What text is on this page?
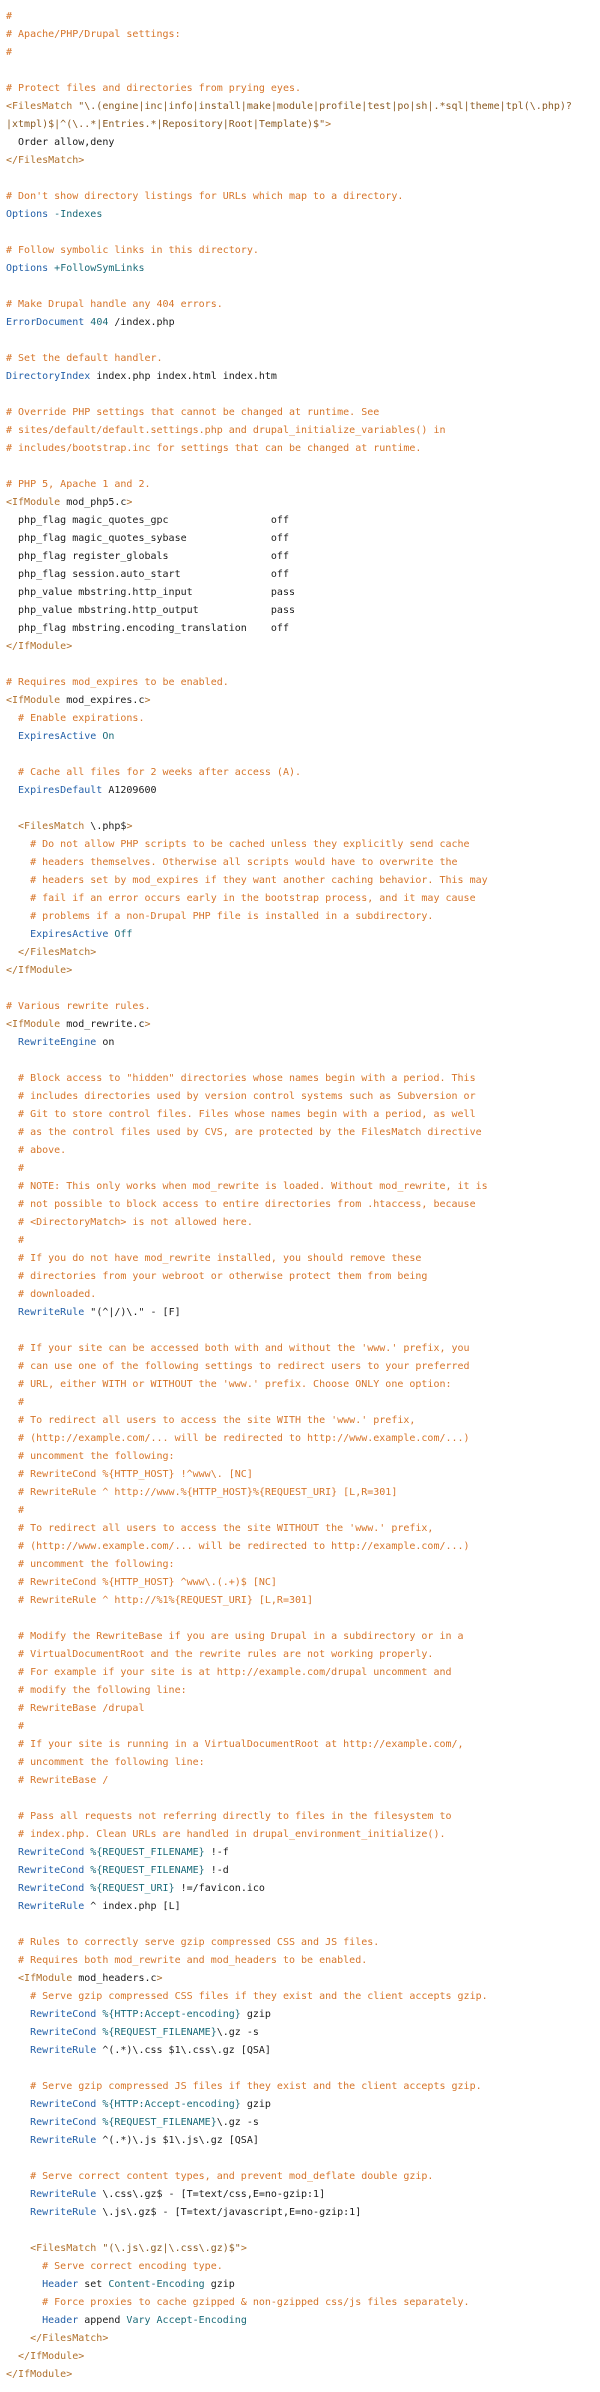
#
# Apache/PHP/Drupal settings:
#
# Protect files and directories from prying eyes.
<FilesMatch "\.(engine|inc|info|install|make|module|profile|test|po|sh|.*sql|theme|tpl(\.php)?
|xtmpl)$|^(\..*|Entries.*|Repository|Root|Template)$">
Order allow,deny
</FilesMatch>
# Don't show directory listings for URLs which map to a directory.
Options -Indexes
# Follow symbolic links in this directory.
Options +FollowSymLinks
# Make Drupal handle any 404 errors.
ErrorDocument 404 /index.php
# Set the default handler.
DirectoryIndex index.php index.html index.htm
# Override PHP settings that cannot be changed at runtime. See
# sites/default/default.settings.php and drupal_initialize_variables() in
# includes/bootstrap.inc for settings that can be changed at runtime.
# PHP 5, Apache 1 and 2.
<IfModule mod_php5.c>
php_flag magic_quotes_gpc                 off
php_flag magic_quotes_sybase              off
php_flag register_globals                 off
php_flag session.auto_start               off
php_value mbstring.http_input             pass
php_value mbstring.http_output            pass
php_flag mbstring.encoding_translation    off
</IfModule>
# Requires mod_expires to be enabled.
<IfModule mod_expires.c>
# Enable expirations.
ExpiresActive On
# Cache all files for 2 weeks after access (A).
ExpiresDefault A1209600
<FilesMatch \.php$>
# Do not allow PHP scripts to be cached unless they explicitly send cache
# headers themselves. Otherwise all scripts would have to overwrite the
# headers set by mod_expires if they want another caching behavior. This may
# fail if an error occurs early in the bootstrap process, and it may cause
# problems if a non-Drupal PHP file is installed in a subdirectory.
ExpiresActive Off
</FilesMatch>
</IfModule>
# Various rewrite rules.
<IfModule mod_rewrite.c>
RewriteEngine on
# Block access to "hidden" directories whose names begin with a period. This
# includes directories used by version control systems such as Subversion or
# Git to store control files. Files whose names begin with a period, as well
# as the control files used by CVS, are protected by the FilesMatch directive
# above.
#
# NOTE: This only works when mod_rewrite is loaded. Without mod_rewrite, it is
# not possible to block access to entire directories from .htaccess, because
# <DirectoryMatch> is not allowed here.
#
# If you do not have mod_rewrite installed, you should remove these
# directories from your webroot or otherwise protect them from being
# downloaded.
RewriteRule "(^|/)\." - [F]
# If your site can be accessed both with and without the 'www.' prefix, you
# can use one of the following settings to redirect users to your preferred
# URL, either WITH or WITHOUT the 'www.' prefix. Choose ONLY one option:
#
# To redirect all users to access the site WITH the 'www.' prefix,
# (http://example.com/... will be redirected to http://www.example.com/...)
# uncomment the following:
# RewriteCond %{HTTP_HOST} !^www\. [NC]
# RewriteRule ^ http://www.%{HTTP_HOST}%{REQUEST_URI} [L,R=301]
#
# To redirect all users to access the site WITHOUT the 'www.' prefix,
# (http://www.example.com/... will be redirected to http://example.com/...)
# uncomment the following:
# RewriteCond %{HTTP_HOST} ^www\.(.+)$ [NC]
# RewriteRule ^ http://%1%{REQUEST_URI} [L,R=301]
# Modify the RewriteBase if you are using Drupal in a subdirectory or in a
# VirtualDocumentRoot and the rewrite rules are not working properly.
# For example if your site is at http://example.com/drupal uncomment and
# modify the following line:
# RewriteBase /drupal
#
# If your site is running in a VirtualDocumentRoot at http://example.com/,
# uncomment the following line:
# RewriteBase /
# Pass all requests not referring directly to files in the filesystem to
# index.php. Clean URLs are handled in drupal_environment_initialize().
RewriteCond %{REQUEST_FILENAME} !-f
RewriteCond %{REQUEST_FILENAME} !-d
RewriteCond %{REQUEST_URI} !=/favicon.ico
RewriteRule ^ index.php [L]
# Rules to correctly serve gzip compressed CSS and JS files.
# Requires both mod_rewrite and mod_headers to be enabled.
<IfModule mod_headers.c>
# Serve gzip compressed CSS files if they exist and the client accepts gzip.
RewriteCond %{HTTP:Accept-encoding} gzip
RewriteCond %{REQUEST_FILENAME}\.gz -s
RewriteRule ^(.*)\.css $1\.css\.gz [QSA]
# Serve gzip compressed JS files if they exist and the client accepts gzip.
RewriteCond %{HTTP:Accept-encoding} gzip
RewriteCond %{REQUEST_FILENAME}\.gz -s
RewriteRule ^(.*)\.js $1\.js\.gz [QSA]
# Serve correct content types, and prevent mod_deflate double gzip.
RewriteRule \.css\.gz$ - [T=text/css,E=no-gzip:1]
RewriteRule \.js\.gz$ - [T=text/javascript,E=no-gzip:1]
<FilesMatch "(\.js\.gz|\.css\.gz)$">
# Serve correct encoding type.
Header set Content-Encoding gzip
# Force proxies to cache gzipped & non-gzipped css/js files separately.
Header append Vary Accept-Encoding
</FilesMatch>
</IfModule>
</IfModule>
